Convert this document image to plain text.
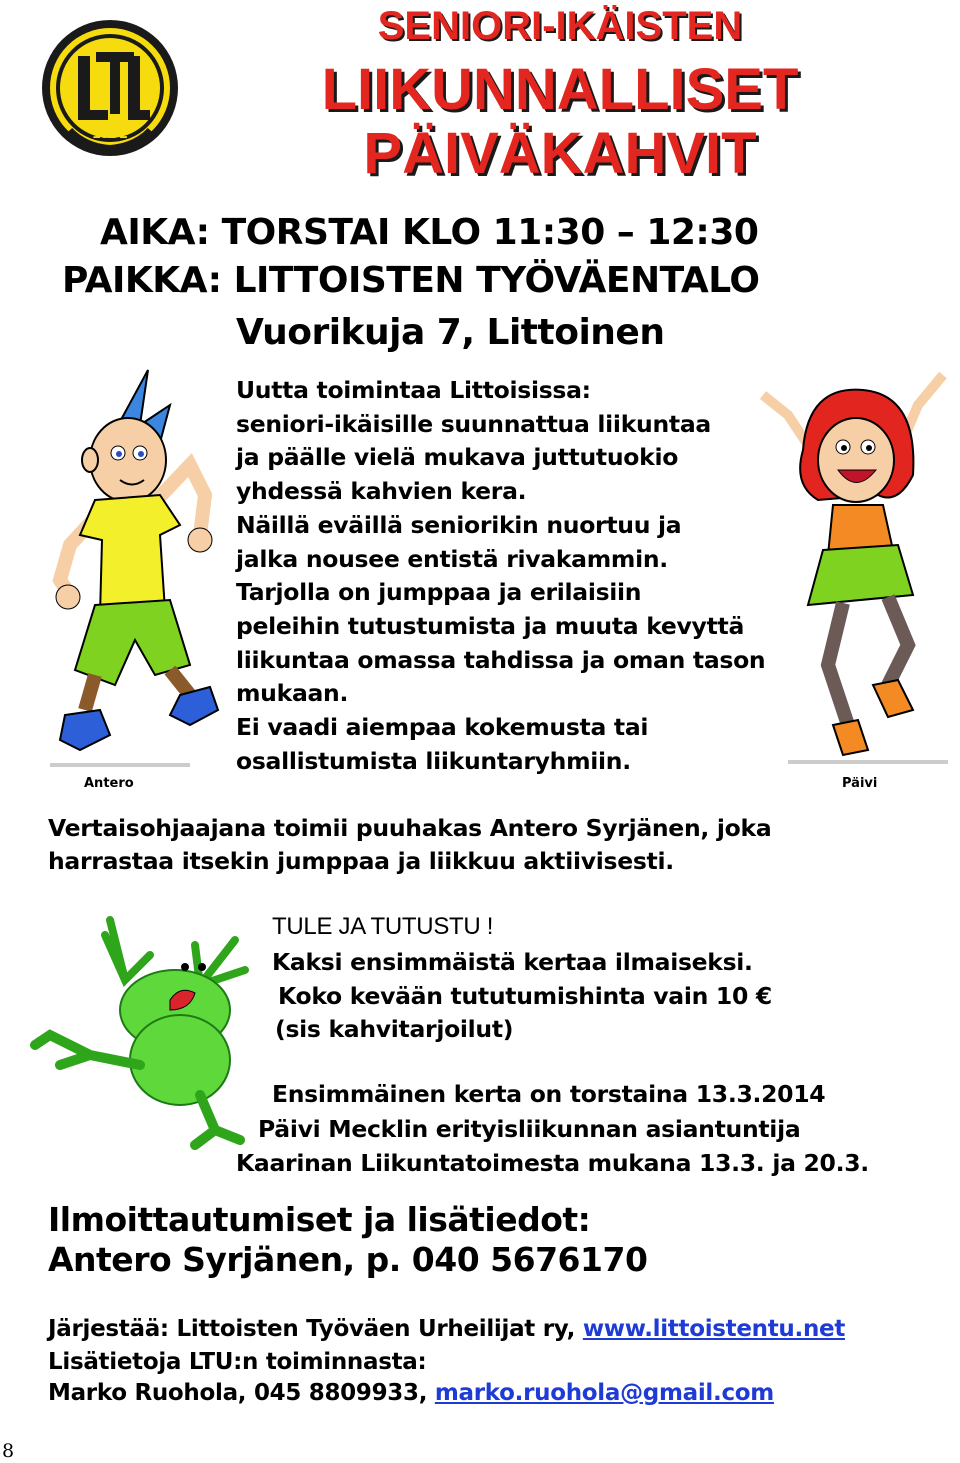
1932
LTL	SENIORI-IKÄISTEN
LIIKUNNALLISET
PÄIVÄKAHVIT
AIKA: TORSTAI KLO 11:30 – 12:30
PAIKKA: LITTOISTEN TYÖVÄENTALO
Vuorikuja 7, Littoinen
Antero	Päivi
Uutta toimintaa Littoisissa:
seniori-ikäisille suunnattua liikuntaa
ja päälle vielä mukava juttutuokio
yhdessä kahvien kera.
Näillä eväillä seniorikin nuortuu ja
jalka nousee entistä rivakammin.
Tarjolla on jumppaa ja erilaisiin
peleihin tutustumista ja muuta kevyttä
liikuntaa omassa tahdissa ja oman tason
mukaan.
Ei vaadi aiempaa kokemusta tai
osallistumista liikuntaryhmiin.
Vertaisohjaajana toimii puuhakas Antero Syrjänen, joka
harrastaa itsekin jumppaa ja liikkuu aktiivisesti.
TULE JA TUTUSTU !
Kaksi ensimmäistä kertaa ilmaiseksi.
Koko kevään tututumishinta vain 10 €
(sis kahvitarjoilut)
Ensimmäinen kerta on torstaina 13.3.2014
Päivi Mecklin erityisliikunnan asiantuntija
Kaarinan Liikuntatoimesta mukana 13.3. ja 20.3.
Ilmoittautumiset ja lisätiedot:
Antero Syrjänen, p. 040 5676170
Järjestää: Littoisten Työväen Urheilijat ry, www.littoistentu.net
Lisätietoja LTU:n toiminnasta:
Marko Ruohola, 045 8809933, marko.ruohola@gmail.com
8
